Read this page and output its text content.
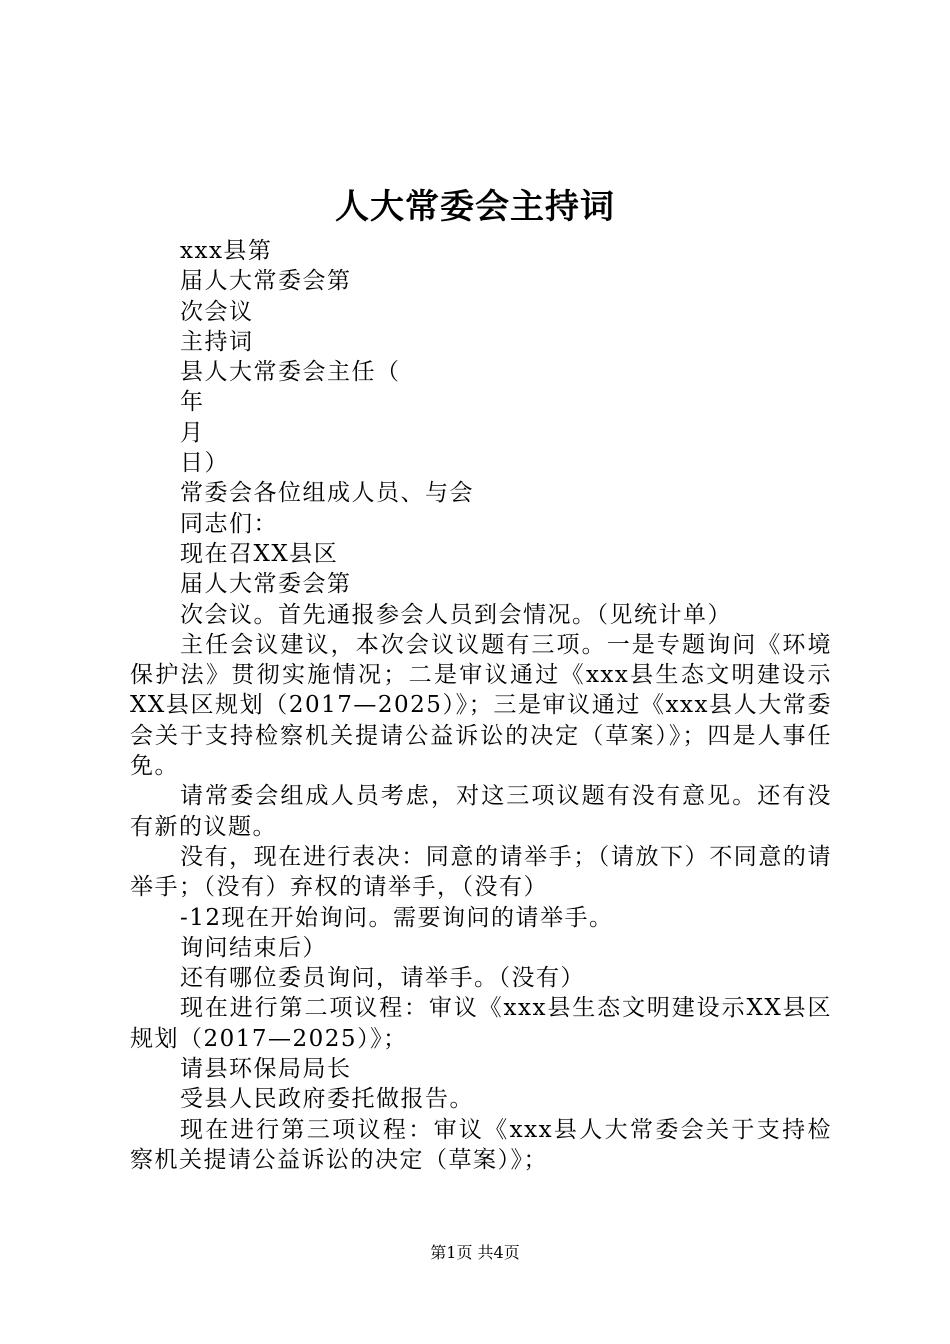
人大常委会主持词

xxx县第

届人大常委会第

次会议

主持词

县人大常委会主任（

年

月

日）

常委会各位组成人员、与会

同志们：

现在召XX县区

届人大常委会第

次会议。首先通报参会人员到会情况。（见统计单）

主任会议建议，本次会议议题有三项。一是专题询问《环境保护法》贯彻实施情况；二是审议通过《xxx县生态文明建设示XX县区规划（2017—2025）》；三是审议通过《xxx县人大常委会关于支持检察机关提请公益诉讼的决定（草案）》；四是人事任免。

请常委会组成人员考虑，对这三项议题有没有意见。还有没有新的议题。

没有，现在进行表决：同意的请举手；（请放下）不同意的请举手；（没有）弃权的请举手，（没有）

-12现在开始询问。需要询问的请举手。

询问结束后）

还有哪位委员询问，请举手。（没有）

现在进行第二项议程：审议《xxx县生态文明建设示XX县区规划（2017—2025）》；

请县环保局局长

受县人民政府委托做报告。

现在进行第三项议程：审议《xxx县人大常委会关于支持检察机关提请公益诉讼的决定（草案）》；

第1页 共4页
